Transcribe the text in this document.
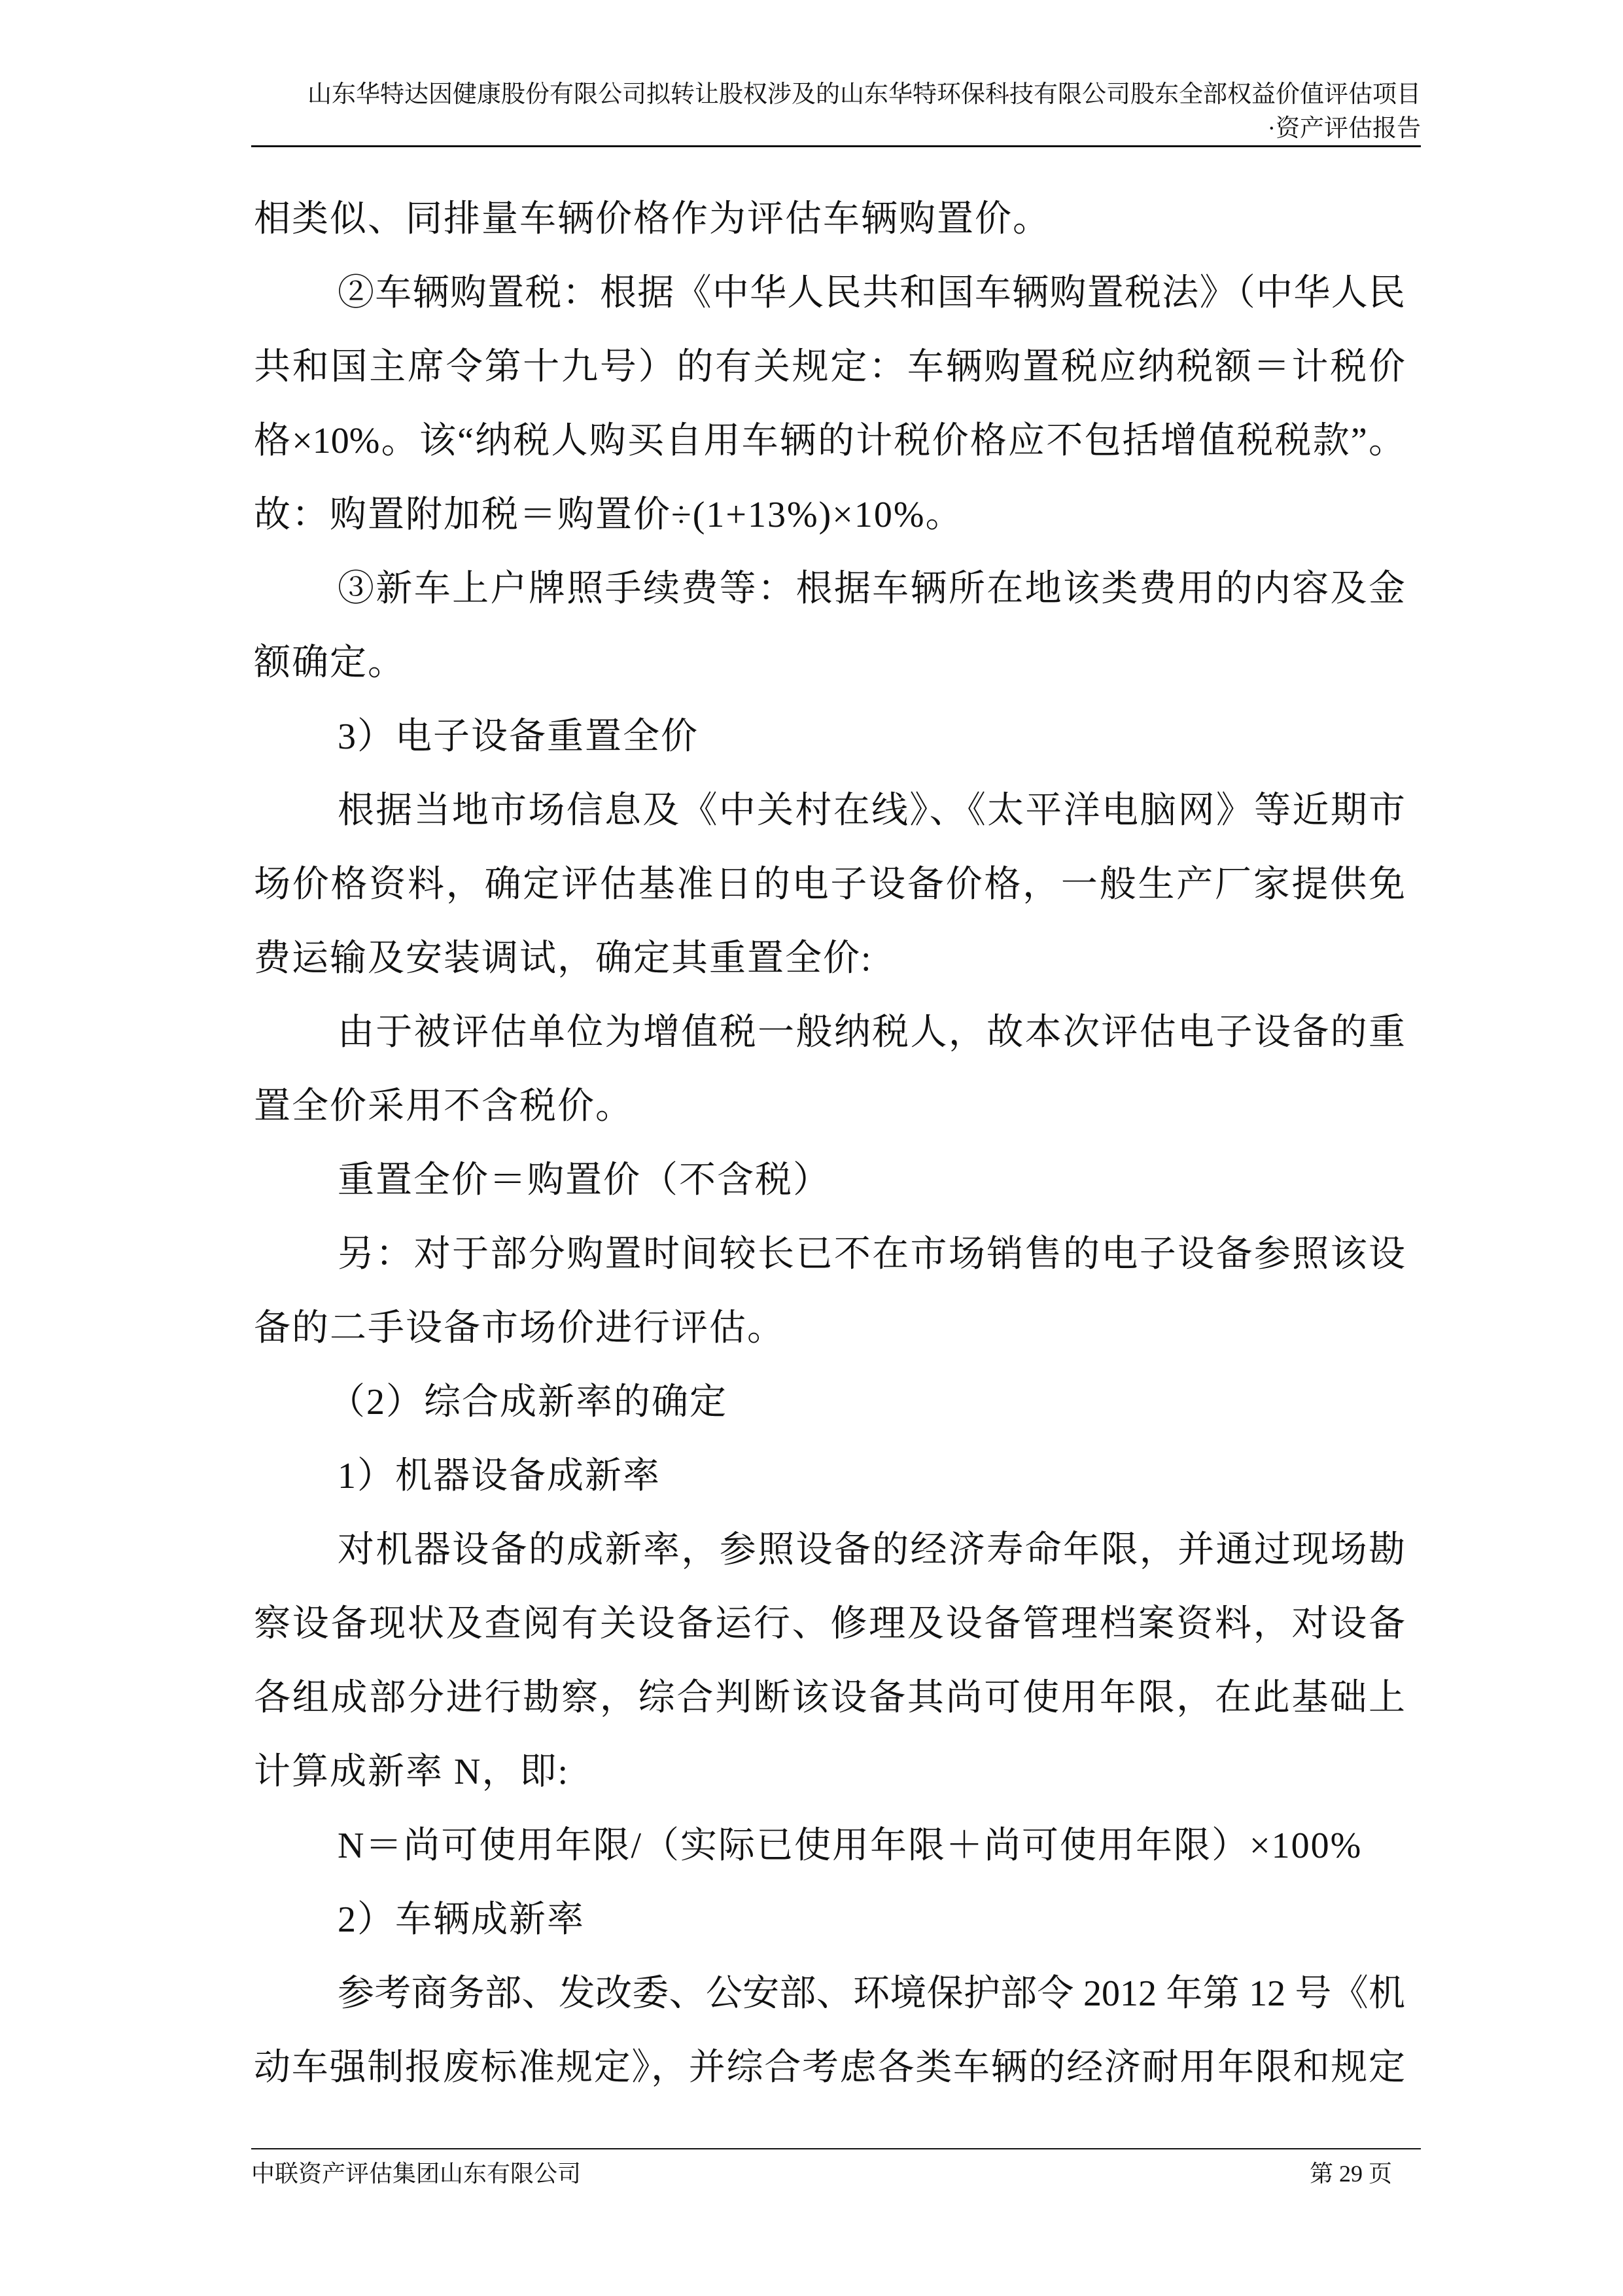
山东华特达因健康股份有限公司拟转让股权涉及的山东华特环保科技有限公司股东全部权益价值评估项目
·资产评估报告
相类似、同排量车辆价格作为评估车辆购置价。
②车辆购置税：根据《中华人民共和国车辆购置税法》（中华人民
共和国主席令第十九号）的有关规定：车辆购置税应纳税额＝计税价
格×10%。该“纳税人购买自用车辆的计税价格应不包括增值税税款”。
故：购置附加税＝购置价÷(1+13%)×10%。
③新车上户牌照手续费等：根据车辆所在地该类费用的内容及金
额确定。
3）电子设备重置全价
根据当地市场信息及《中关村在线》、《太平洋电脑网》等近期市
场价格资料，确定评估基准日的电子设备价格，一般生产厂家提供免
费运输及安装调试，确定其重置全价:
由于被评估单位为增值税一般纳税人，故本次评估电子设备的重
置全价采用不含税价。
重置全价＝购置价（不含税）
另：对于部分购置时间较长已不在市场销售的电子设备参照该设
备的二手设备市场价进行评估。
（2）综合成新率的确定
1）机器设备成新率
对机器设备的成新率，参照设备的经济寿命年限，并通过现场勘
察设备现状及查阅有关设备运行、修理及设备管理档案资料，对设备
各组成部分进行勘察，综合判断该设备其尚可使用年限，在此基础上
计算成新率 N，即:
N＝尚可使用年限/（实际已使用年限＋尚可使用年限）×100%
2）车辆成新率
参考商务部、发改委、公安部、环境保护部令 2012 年第 12 号《机
动车强制报废标准规定》，并综合考虑各类车辆的经济耐用年限和规定
中联资产评估集团山东有限公司	第 29 页
